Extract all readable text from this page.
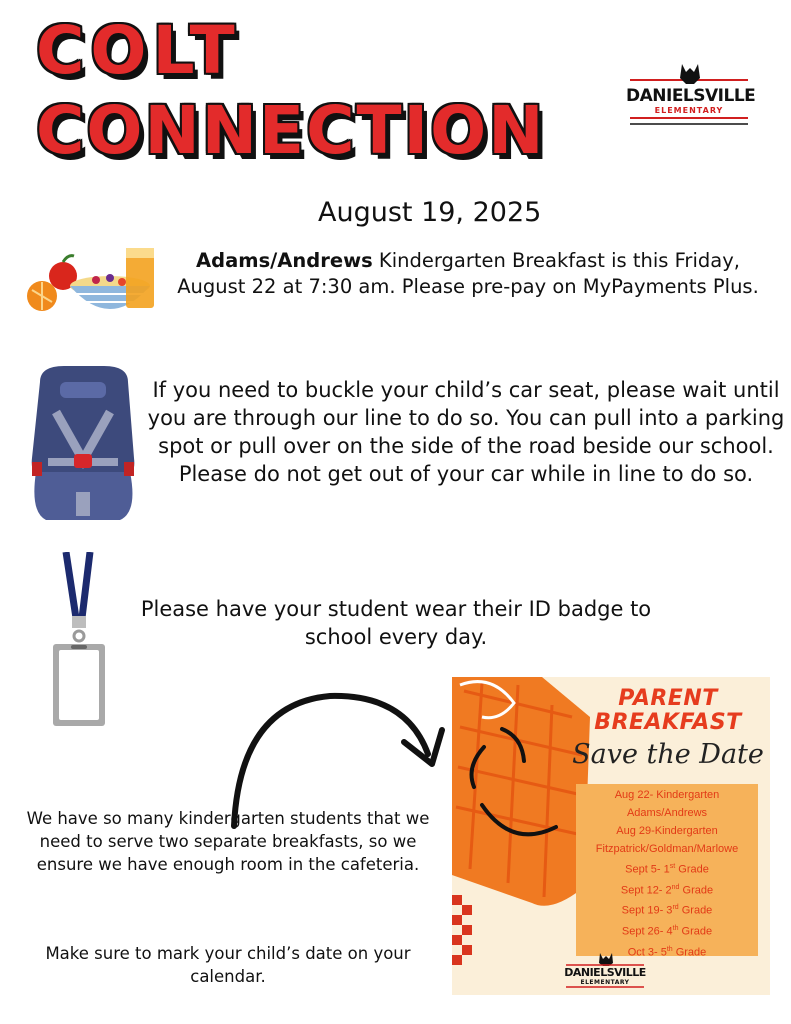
COLT
CONNECTION	DANIELSVILLE
ELEMENTARY
August 19, 2025
Adams/Andrews Kindergarten Breakfast is this Friday, August 22 at 7:30 am. Please pre-pay on MyPayments Plus.
If you need to buckle your child’s car seat, please wait until you are through our line to do so. You can pull into a parking spot or pull over on the side of the road beside our school. Please do not get out of your car while in line to do so.
Please have your student wear their ID badge to school every day.
We have so many kindergarten students that we need to serve two separate breakfasts, so we ensure we have enough room in the cafeteria.
Make sure to mark your child’s date on your calendar.
PARENT
BREAKFAST
Save the Date
Aug 22- Kindergarten
Adams/Andrews
Aug 29-Kindergarten
Fitzpatrick/Goldman/Marlowe
Sept 5- 1st Grade
Sept 12- 2nd Grade
Sept 19- 3rd Grade
Sept 26- 4th Grade
Oct 3- 5th Grade
DANIELSVILLE
ELEMENTARY
